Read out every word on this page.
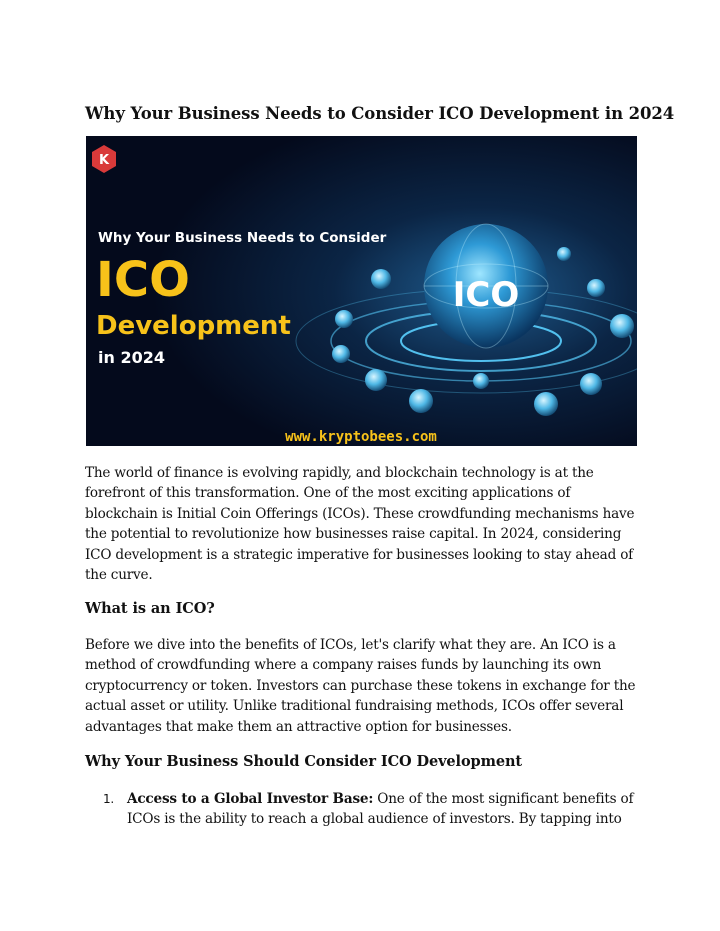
Why Your Business Needs to Consider ICO Development in 2024
K
ICO
Why Your Business Needs to Consider
ICO
Development
in 2024
www.kryptobees.com

The world of finance is evolving rapidly, and blockchain technology is at the forefront of this transformation. One of the most exciting applications of blockchain is Initial Coin Offerings (ICOs). These crowdfunding mechanisms have the potential to revolutionize how businesses raise capital. In 2024, considering ICO development is a strategic imperative for businesses looking to stay ahead of the curve.

What is an ICO?

Before we dive into the benefits of ICOs, let's clarify what they are. An ICO is a method of crowdfunding where a company raises funds by launching its own cryptocurrency or token. Investors can purchase these tokens in exchange for the actual asset or utility. Unlike traditional fundraising methods, ICOs offer several advantages that make them an attractive option for businesses.

Why Your Business Should Consider ICO Development
1. Access to a Global Investor Base: One of the most significant benefits of ICOs is the ability to reach a global audience of investors. By tapping into
